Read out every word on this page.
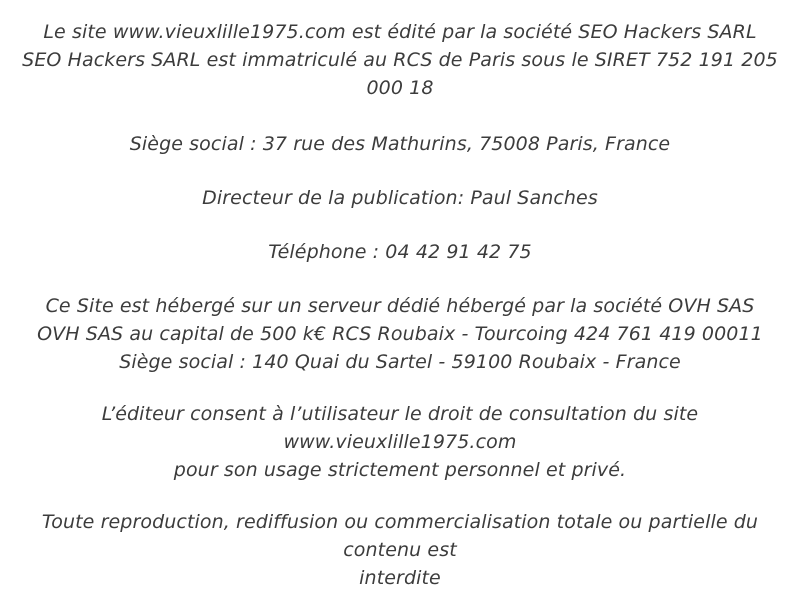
Le site www.vieuxlille1975.com est édité par la société SEO Hackers SARL
SEO Hackers SARL est immatriculé au RCS de Paris sous le SIRET 752 191 205 000 18
Siège social : 37 rue des Mathurins, 75008 Paris, France
Directeur de la publication: Paul Sanches
Téléphone : 04 42 91 42 75
Ce Site est hébergé sur un serveur dédié hébergé par la société OVH SAS
OVH SAS au capital de 500 k€ RCS Roubaix - Tourcoing 424 761 419 00011
Siège social : 140 Quai du Sartel - 59100 Roubaix - France
L’éditeur consent à l’utilisateur le droit de consultation du site www.vieuxlille1975.com
pour son usage strictement personnel et privé.
Toute reproduction, rediffusion ou commercialisation totale ou partielle du contenu est
interdite
